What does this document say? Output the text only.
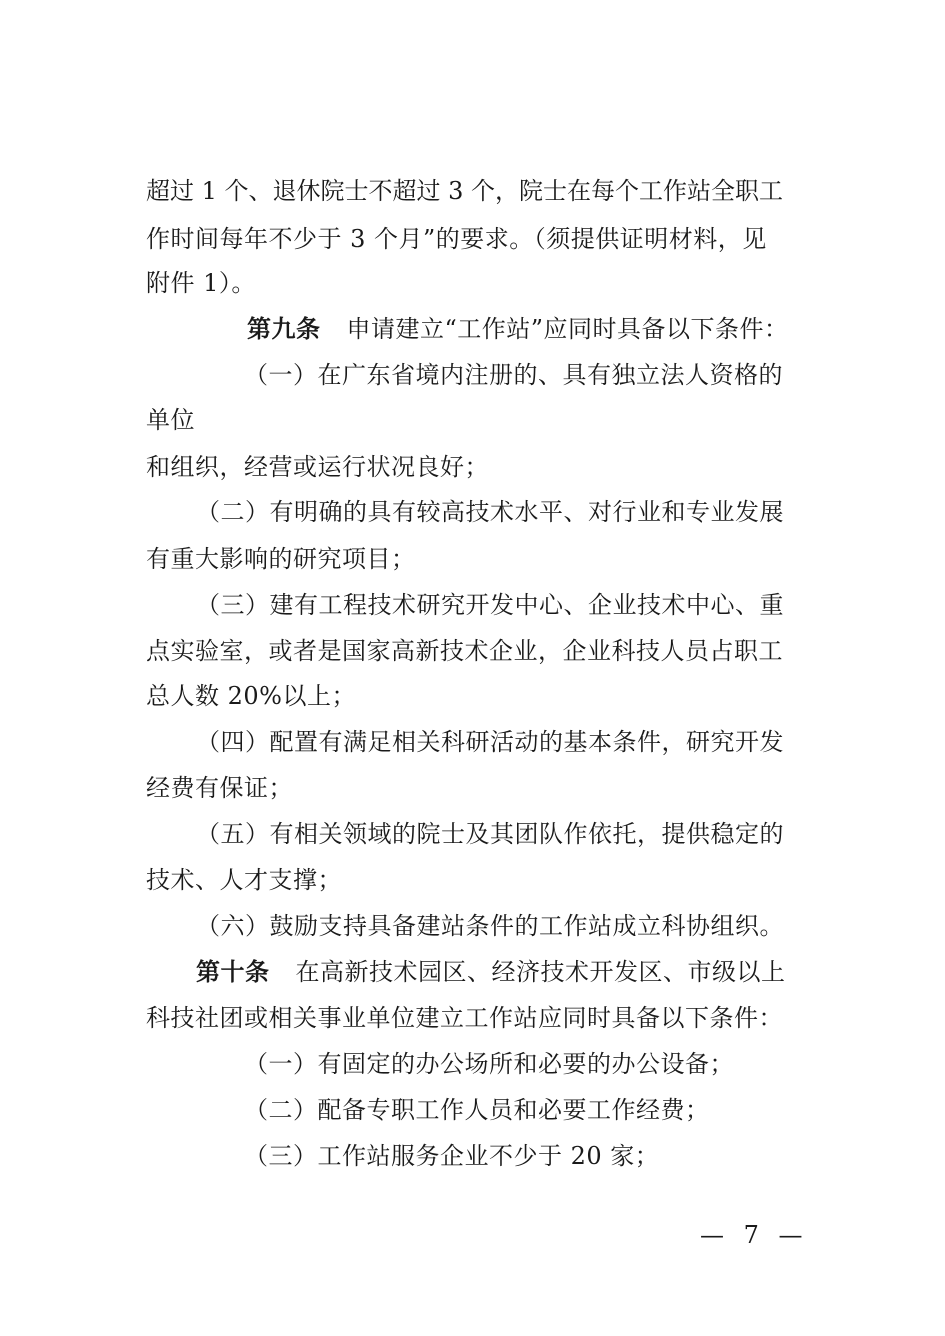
超过 1 个、退休院士不超过 3 个，院士在每个工作站全职工
作时间每年不少于 3 个月”的要求。（须提供证明材料，见
附件 1）。
第九条 申请建立“工作站”应同时具备以下条件：
（一）在广东省境内注册的、具有独立法人资格的
单位
和组织，经营或运行状况良好；
（二）有明确的具有较高技术水平、对行业和专业发展
有重大影响的研究项目；
（三）建有工程技术研究开发中心、企业技术中心、重
点实验室，或者是国家高新技术企业，企业科技人员占职工
总人数 20%以上；
（四）配置有满足相关科研活动的基本条件，研究开发
经费有保证；
（五）有相关领域的院士及其团队作依托，提供稳定的
技术、人才支撑；
（六）鼓励支持具备建站条件的工作站成立科协组织。
第十条 在高新技术园区、经济技术开发区、市级以上
科技社团或相关事业单位建立工作站应同时具备以下条件：
（一）有固定的办公场所和必要的办公设备；
（二）配备专职工作人员和必要工作经费；
（三）工作站服务企业不少于 20 家；
— 7 —
